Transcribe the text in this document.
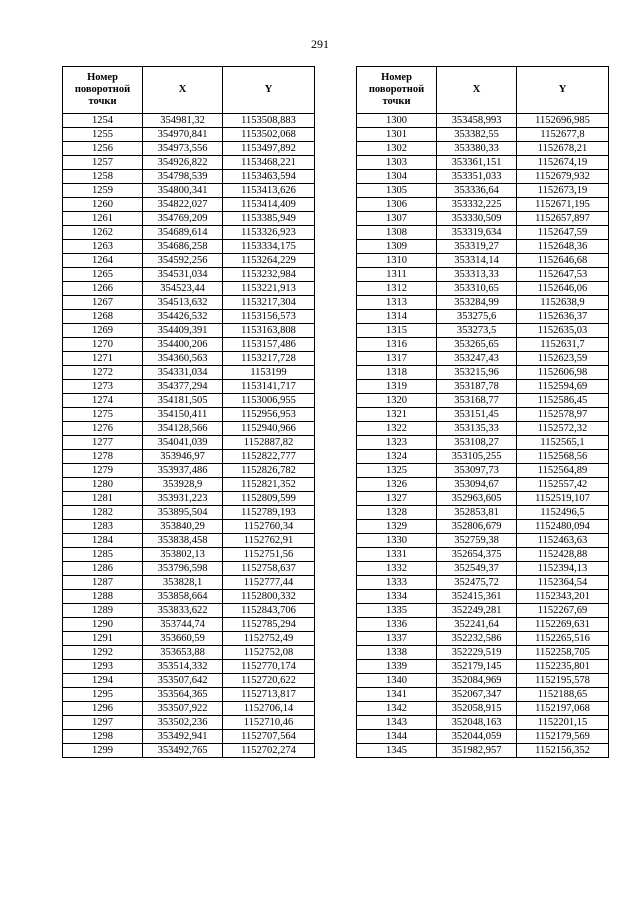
291
Номер
поворотной
точки	X	Y
1254	354981,32	1153508,883
1255	354970,841	1153502,068
1256	354973,556	1153497,892
1257	354926,822	1153468,221
1258	354798,539	1153463,594
1259	354800,341	1153413,626
1260	354822,027	1153414,409
1261	354769,209	1153385,949
1262	354689,614	1153326,923
1263	354686,258	1153334,175
1264	354592,256	1153264,229
1265	354531,034	1153232,984
1266	354523,44	1153221,913
1267	354513,632	1153217,304
1268	354426,532	1153156,573
1269	354409,391	1153163,808
1270	354400,206	1153157,486
1271	354360,563	1153217,728
1272	354331,034	1153199
1273	354377,294	1153141,717
1274	354181,505	1153006,955
1275	354150,411	1152956,953
1276	354128,566	1152940,966
1277	354041,039	1152887,82
1278	353946,97	1152822,777
1279	353937,486	1152826,782
1280	353928,9	1152821,352
1281	353931,223	1152809,599
1282	353895,504	1152789,193
1283	353840,29	1152760,34
1284	353838,458	1152762,91
1285	353802,13	1152751,56
1286	353796,598	1152758,637
1287	353828,1	1152777,44
1288	353858,664	1152800,332
1289	353833,622	1152843,706
1290	353744,74	1152785,294
1291	353660,59	1152752,49
1292	353653,88	1152752,08
1293	353514,332	1152770,174
1294	353507,642	1152720,622
1295	353564,365	1152713,817
1296	353507,922	1152706,14
1297	353502,236	1152710,46
1298	353492,941	1152707,564
1299	353492,765	1152702,274
Номер
поворотной
точки	X	Y
1300	353458,993	1152696,985
1301	353382,55	1152677,8
1302	353380,33	1152678,21
1303	353361,151	1152674,19
1304	353351,033	1152679,932
1305	353336,64	1152673,19
1306	353332,225	1152671,195
1307	353330,509	1152657,897
1308	353319,634	1152647,59
1309	353319,27	1152648,36
1310	353314,14	1152646,68
1311	353313,33	1152647,53
1312	353310,65	1152646,06
1313	353284,99	1152638,9
1314	353275,6	1152636,37
1315	353273,5	1152635,03
1316	353265,65	1152631,7
1317	353247,43	1152623,59
1318	353215,96	1152606,98
1319	353187,78	1152594,69
1320	353168,77	1152586,45
1321	353151,45	1152578,97
1322	353135,33	1152572,32
1323	353108,27	1152565,1
1324	353105,255	1152568,56
1325	353097,73	1152564,89
1326	353094,67	1152557,42
1327	352963,605	1152519,107
1328	352853,81	1152496,5
1329	352806,679	1152480,094
1330	352759,38	1152463,63
1331	352654,375	1152428,88
1332	352549,37	1152394,13
1333	352475,72	1152364,54
1334	352415,361	1152343,201
1335	352249,281	1152267,69
1336	352241,64	1152269,631
1337	352232,586	1152265,516
1338	352229,519	1152258,705
1339	352179,145	1152235,801
1340	352084,969	1152195,578
1341	352067,347	1152188,65
1342	352058,915	1152197,068
1343	352048,163	1152201,15
1344	352044,059	1152179,569
1345	351982,957	1152156,352
